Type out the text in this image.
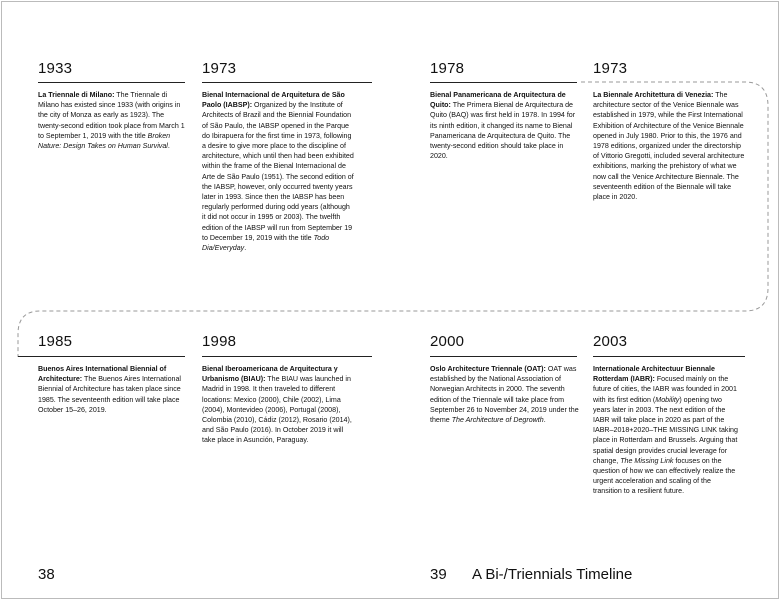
1933	1973	1978	1973
La Triennale di Milano: The Triennale di Milano has existed since 1933 (with origins in the city of Monza as early as 1923). The twenty-second edition took place from March 1 to September 1, 2019 with the title Broken Nature: Design Takes on Human Survival.
Bienal Internacional de Arquitetura de São Paolo (IABSP): Organized by the Institute of Architects of Brazil and the Biennial Foundation of São Paulo, the IABSP opened in the Parque do Ibirapuera for the first time in 1973, following a desire to give more place to the discipline of architecture, which until then had been exhibited within the frame of the Bienal Internacional de Arte de São Paulo (1951). The second edition of the IABSP, however, only occurred twenty years later in 1993. Since then the IABSP has been regularly performed during odd years (although it did not occur in 1995 or 2003). The twelfth edition of the IABSP will run from September 19 to December 19, 2019 with the title Todo Dia/Everyday.
Bienal Panamericana de Arquitectura de Quito: The Primera Bienal de Arquitectura de Quito (BAQ) was first held in 1978. In 1994 for its ninth edition, it changed its name to Bienal Panamericana de Arquitectura de Quito. The twenty-second edition should take place in 2020.
La Biennale Architettura di Venezia: The architecture sector of the Venice Biennale was established in 1979, while the First International Exhibition of Architecture of the Venice Biennale opened in July 1980. Prior to this, the 1976 and 1978 editions, organized under the directorship of Vittorio Gregotti, included several architecture exhibitions, marking the prehistory of what we now call the Venice Architecture Biennale. The seventeenth edition of the Biennale will take place in 2020.
1985	1998	2000	2003
Buenos Aires International Biennial of Architecture: The Buenos Aires International Biennial of Architecture has taken place since 1985. The seventeenth edition will take place October 15–26, 2019.
Bienal Iberoamericana de Arquitectura y Urbanismo (BIAU): The BIAU was launched in Madrid in 1998. It then traveled to different locations: Mexico (2000), Chile (2002), Lima (2004), Montevideo (2006), Portugal (2008), Colombia (2010), Cádiz (2012), Rosario (2014), and São Paulo (2016). In October 2019 it will take place in Asunción, Paraguay.
Oslo Architecture Triennale (OAT): OAT was established by the National Association of Norwegian Architects in 2000. The seventh edition of the Triennale will take place from September 26 to November 24, 2019 under the theme The Architecture of Degrowth.
Internationale Architectuur Biennale Rotterdam (IABR): Focused mainly on the future of cities, the IABR was founded in 2001 with its first edition (Mobility) opening two years later in 2003. The next edition of the IABR will take place in 2020 as part of the IABR–2018+2020–THE MISSING LINK taking place in Rotterdam and Brussels. Arguing that spatial design provides crucial leverage for change, The Missing Link focuses on the question of how we can effectively realize the urgent acceleration and scaling of the transition to a resilient future.
38	39 A Bi-/Triennials Timeline
